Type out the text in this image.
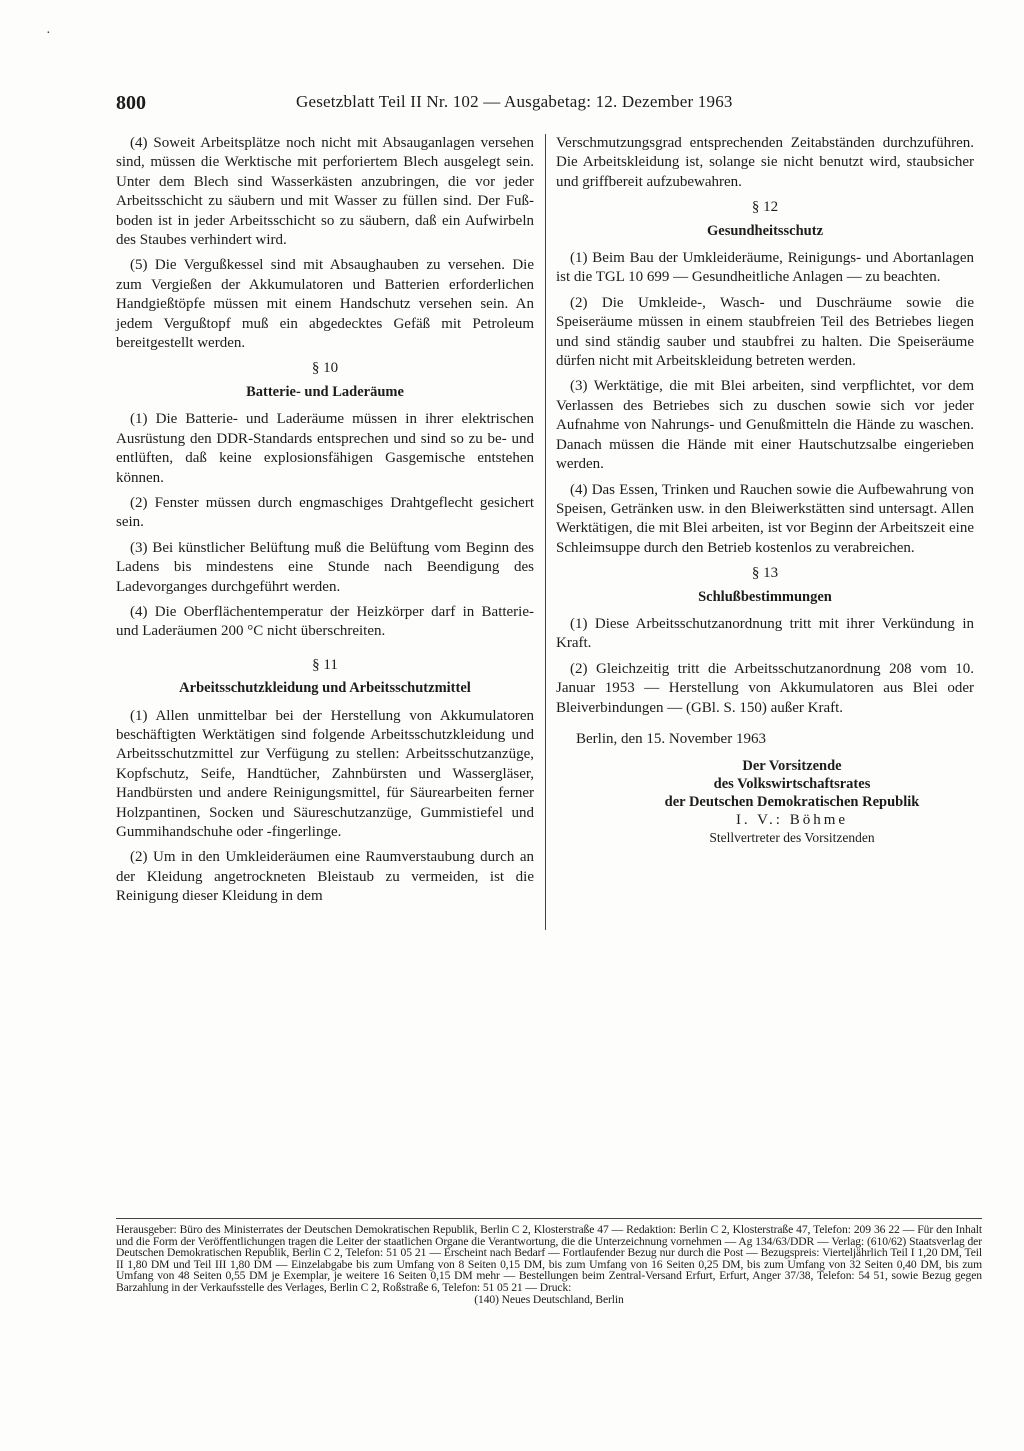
·
800	Gesetzblatt Teil II Nr. 102 — Ausgabetag: 12. Dezember 1963

(4) Soweit Arbeitsplätze noch nicht mit Absauganlagen versehen sind, müssen die Werktische mit perforiertem Blech ausgelegt sein. Unter dem Blech sind Wasserkästen anzubringen, die vor jeder Arbeitsschicht zu säubern und mit Wasser zu füllen sind. Der Fußboden ist in jeder Arbeitsschicht so zu säubern, daß ein Aufwirbeln des Staubes verhindert wird.

(5) Die Vergußkessel sind mit Absaughauben zu versehen. Die zum Vergießen der Akkumulatoren und Batterien erforderlichen Handgießtöpfe müssen mit einem Handschutz versehen sein. An jedem Vergußtopf muß ein abgedecktes Gefäß mit Petroleum bereitgestellt werden.

§ 10
Batterie- und Laderäume

(1) Die Batterie- und Laderäume müssen in ihrer elektrischen Ausrüstung den DDR-Standards entsprechen und sind so zu be- und entlüften, daß keine explosionsfähigen Gasgemische entstehen können.

(2) Fenster müssen durch engmaschiges Drahtgeflecht gesichert sein.

(3) Bei künstlicher Belüftung muß die Belüftung vom Beginn des Ladens bis mindestens eine Stunde nach Beendigung des Ladevorganges durchgeführt werden.

(4) Die Oberflächentemperatur der Heizkörper darf in Batterie- und Laderäumen 200 °C nicht überschreiten.

§ 11
Arbeitsschutzkleidung und Arbeitsschutzmittel

(1) Allen unmittelbar bei der Herstellung von Akkumulatoren beschäftigten Werktätigen sind folgende Arbeitsschutzkleidung und Arbeitsschutzmittel zur Verfügung zu stellen: Arbeitsschutzanzüge, Kopfschutz, Seife, Handtücher, Zahnbürsten und Wassergläser, Handbürsten und andere Reinigungsmittel, für Säurearbeiten ferner Holzpantinen, Socken und Säureschutzanzüge, Gummistiefel und Gummihandschuhe oder -fingerlinge.

(2) Um in den Umkleideräumen eine Raumverstaubung durch an der Kleidung angetrockneten Bleistaub zu vermeiden, ist die Reinigung dieser Kleidung in dem

Verschmutzungsgrad entsprechenden Zeitabständen durchzuführen. Die Arbeitskleidung ist, solange sie nicht benutzt wird, staubsicher und griffbereit aufzubewahren.

§ 12
Gesundheitsschutz

(1) Beim Bau der Umkleideräume, Reinigungs- und Abortanlagen ist die TGL 10 699 — Gesundheitliche Anlagen — zu beachten.

(2) Die Umkleide-, Wasch- und Duschräume sowie die Speiseräume müssen in einem staubfreien Teil des Betriebes liegen und sind ständig sauber und staubfrei zu halten. Die Speiseräume dürfen nicht mit Arbeitskleidung betreten werden.

(3) Werktätige, die mit Blei arbeiten, sind verpflichtet, vor dem Verlassen des Betriebes sich zu duschen sowie sich vor jeder Aufnahme von Nahrungs- und Genußmitteln die Hände zu waschen. Danach müssen die Hände mit einer Hautschutzsalbe eingerieben werden.

(4) Das Essen, Trinken und Rauchen sowie die Aufbewahrung von Speisen, Getränken usw. in den Bleiwerkstätten sind untersagt. Allen Werktätigen, die mit Blei arbeiten, ist vor Beginn der Arbeitszeit eine Schleimsuppe durch den Betrieb kostenlos zu verabreichen.

§ 13
Schlußbestimmungen

(1) Diese Arbeitsschutzanordnung tritt mit ihrer Verkündung in Kraft.

(2) Gleichzeitig tritt die Arbeitsschutzanordnung 208 vom 10. Januar 1953 — Herstellung von Akkumulatoren aus Blei oder Bleiverbindungen — (GBl. S. 150) außer Kraft.

Berlin, den 15. November 1963
Der Vorsitzende
des Volkswirtschaftsrates
der Deutschen Demokratischen Republik
I. V.: Böhme
Stellvertreter des Vorsitzenden
Herausgeber: Büro des Ministerrates der Deutschen Demokratischen Republik, Berlin C 2, Klosterstraße 47 — Redaktion: Berlin C 2, Klosterstraße 47, Telefon: 209 36 22 — Für den Inhalt und die Form der Veröffentlichungen tragen die Leiter der staatlichen Organe die Verantwortung, die die Unterzeichnung vornehmen — Ag 134/63/DDR — Verlag: (610/62) Staatsverlag der Deutschen Demokratischen Republik, Berlin C 2, Telefon: 51 05 21 — Erscheint nach Bedarf — Fortlaufender Bezug nur durch die Post — Bezugspreis: Vierteljährlich Teil I 1,20 DM, Teil II 1,80 DM und Teil III 1,80 DM — Einzelabgabe bis zum Umfang von 8 Seiten 0,15 DM, bis zum Umfang von 16 Seiten 0,25 DM, bis zum Umfang von 32 Seiten 0,40 DM, bis zum Umfang von 48 Seiten 0,55 DM je Exemplar, je weitere 16 Seiten 0,15 DM mehr — Bestellungen beim Zentral-Versand Erfurt, Erfurt, Anger 37/38, Telefon: 54 51, sowie Bezug gegen Barzahlung in der Verkaufsstelle des Verlages, Berlin C 2, Roßstraße 6, Telefon: 51 05 21 — Druck:
(140) Neues Deutschland, Berlin
